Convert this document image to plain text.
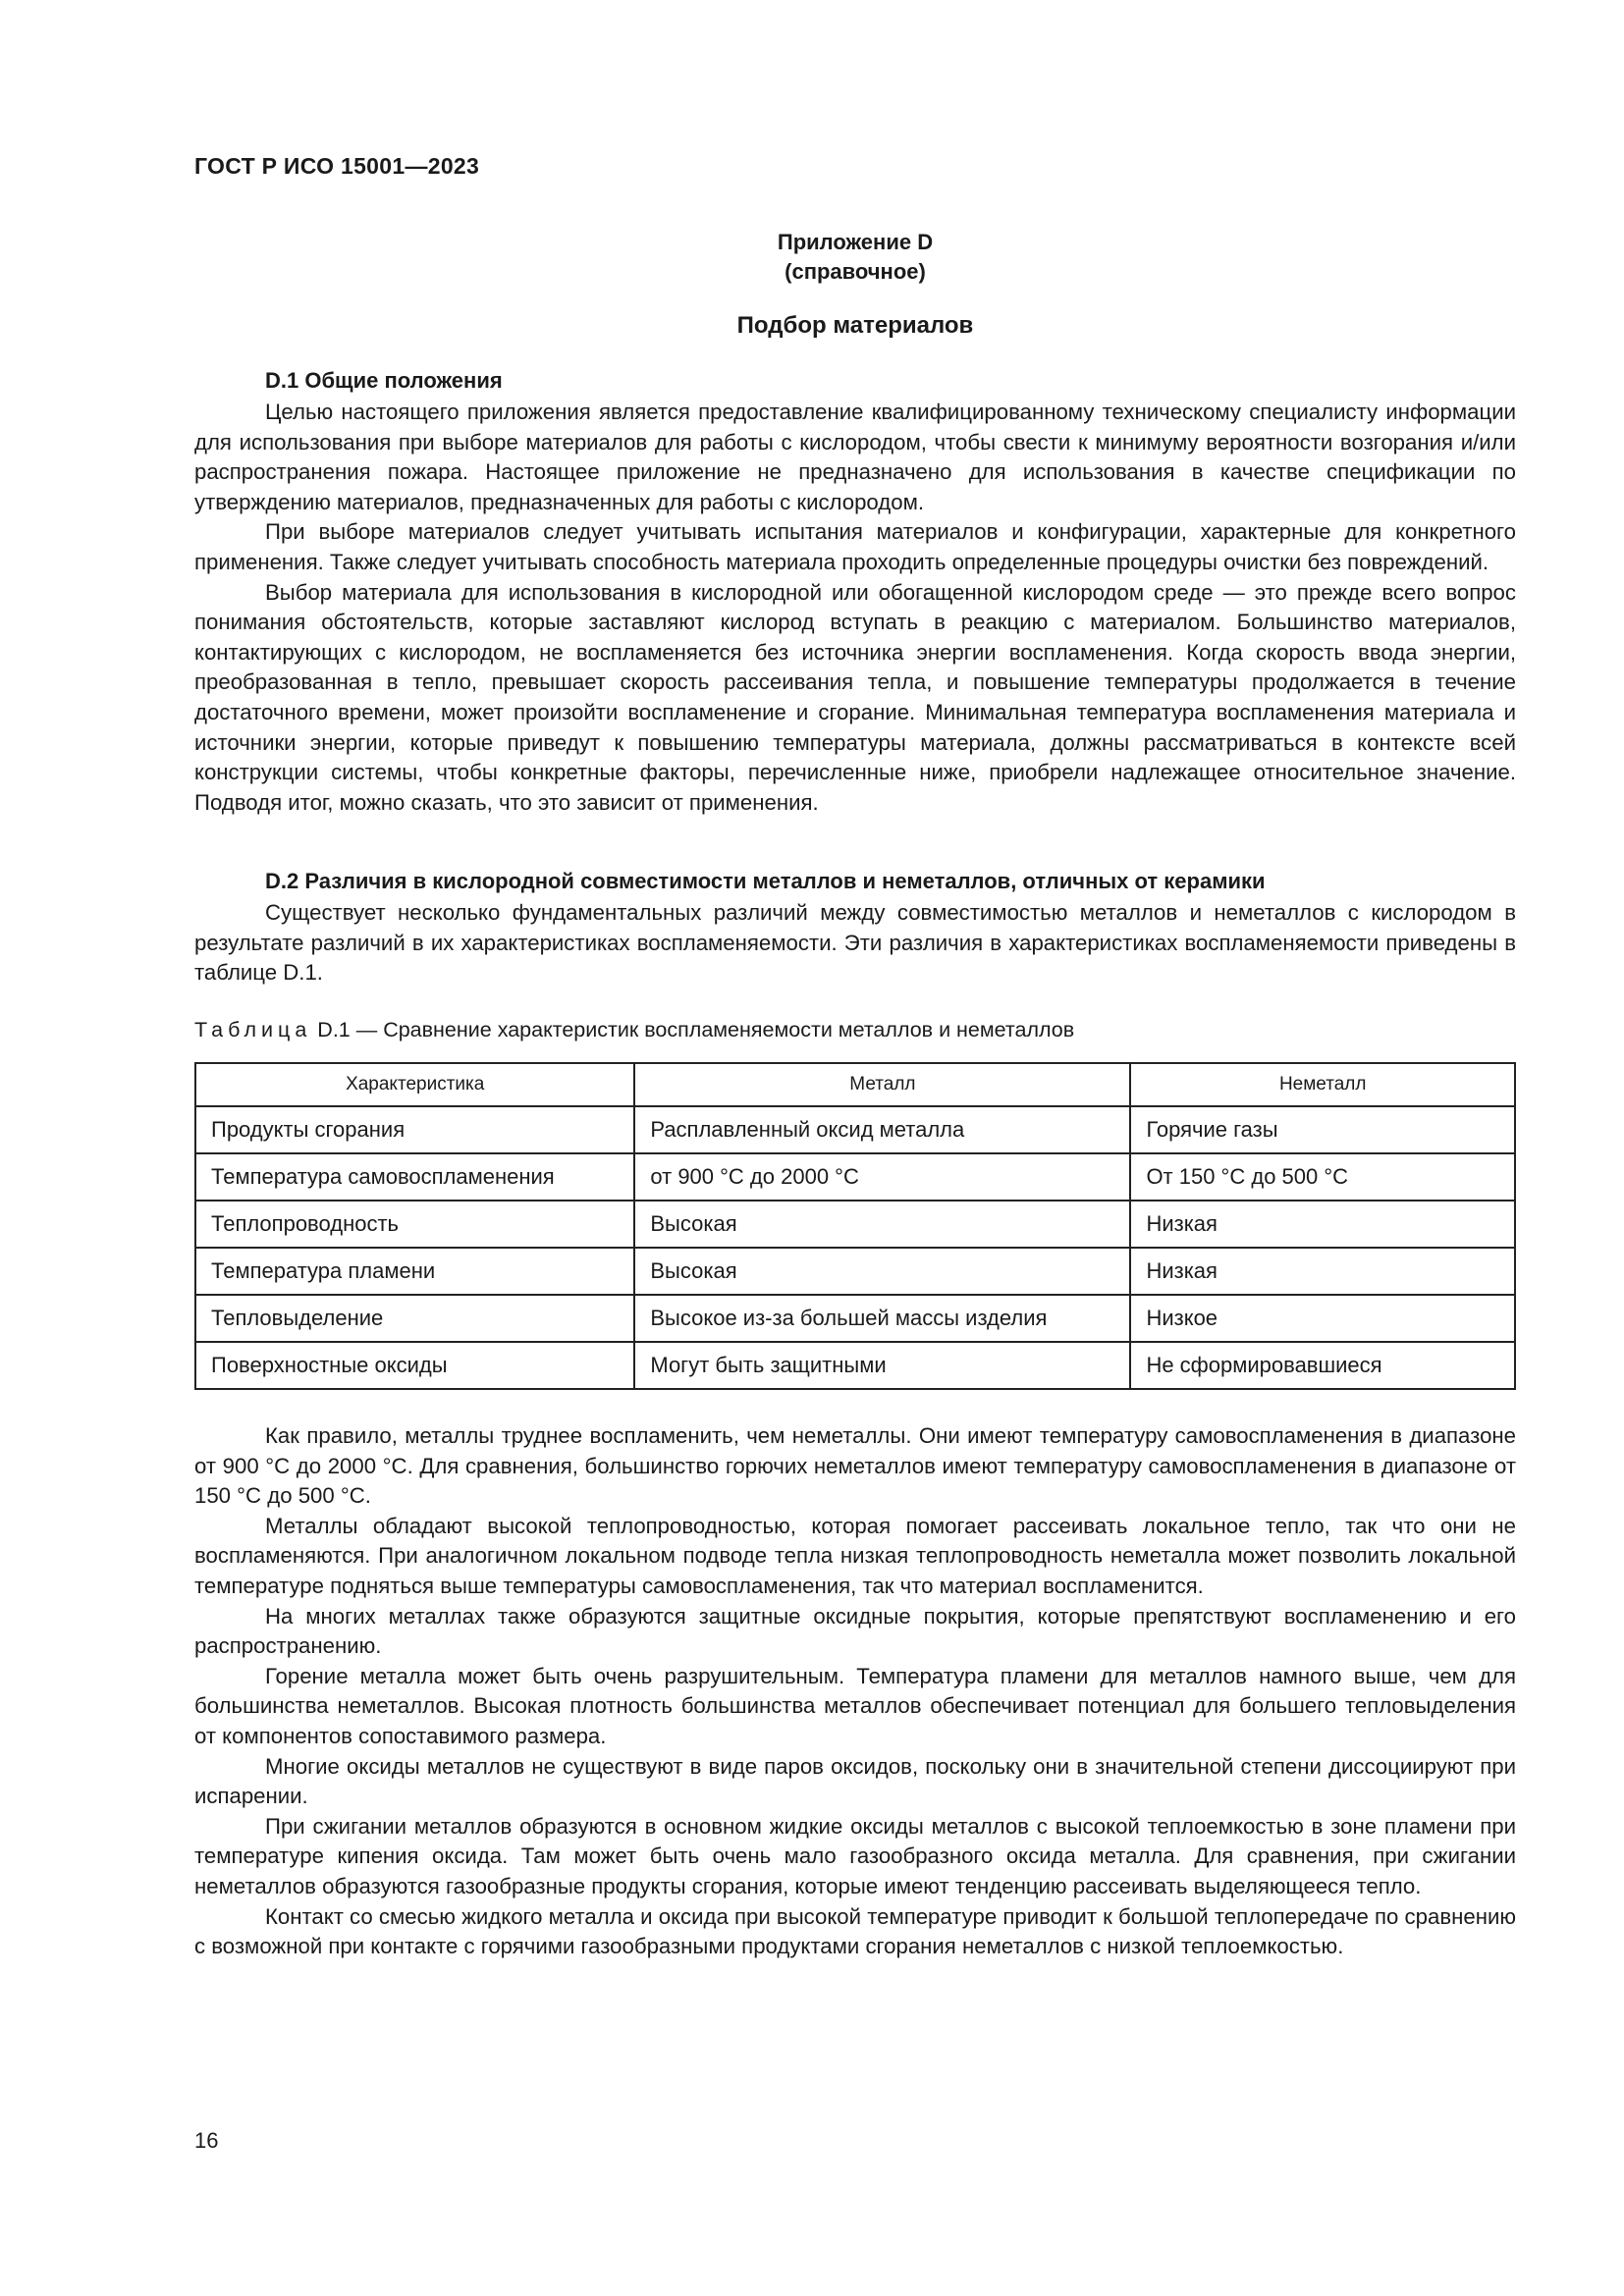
ГОСТ Р ИСО 15001—2023
Приложение D
(справочное)
Подбор материалов
D.1 Общие положения

Целью настоящего приложения является предоставление квалифицированному техническому специалисту информации для использования при выборе материалов для работы с кислородом, чтобы свести к минимуму вероятности возгорания и/или распространения пожара. Настоящее приложение не предназначено для использования в качестве спецификации по утверждению материалов, предназначенных для работы с кислородом.

При выборе материалов следует учитывать испытания материалов и конфигурации, характерные для конкретного применения. Также следует учитывать способность материала проходить определенные процедуры очистки без повреждений.

Выбор материала для использования в кислородной или обогащенной кислородом среде — это прежде всего вопрос понимания обстоятельств, которые заставляют кислород вступать в реакцию с материалом. Большинство материалов, контактирующих с кислородом, не воспламеняется без источника энергии воспламенения. Когда скорость ввода энергии, преобразованная в тепло, превышает скорость рассеивания тепла, и повышение температуры продолжается в течение достаточного времени, может произойти воспламенение и сгорание. Минимальная температура воспламенения материала и источники энергии, которые приведут к повышению температуры материала, должны рассматриваться в контексте всей конструкции системы, чтобы конкретные факторы, перечисленные ниже, приобрели надлежащее относительное значение. Подводя итог, можно сказать, что это зависит от применения.

D.2 Различия в кислородной совместимости металлов и неметаллов, отличных от керамики

Существует несколько фундаментальных различий между совместимостью металлов и неметаллов с кислородом в результате различий в их характеристиках воспламеняемости. Эти различия в характеристиках воспламеняемости приведены в таблице D.1.

Таблица D.1 — Сравнение характеристик воспламеняемости металлов и неметаллов
Характеристика	Металл	Неметалл
Продукты сгорания	Расплавленный оксид металла	Горячие газы
Температура самовоспламенения	от 900 °С до 2000 °С	От 150 °С до 500 °С
Теплопроводность	Высокая	Низкая
Температура пламени	Высокая	Низкая
Тепловыделение	Высокое из-за большей массы изделия	Низкое
Поверхностные оксиды	Могут быть защитными	Не сформировавшиеся

Как правило, металлы труднее воспламенить, чем неметаллы. Они имеют температуру самовоспламенения в диапазоне от 900 °С до 2000 °С. Для сравнения, большинство горючих неметаллов имеют температуру самовоспламенения в диапазоне от 150 °С до 500 °С.

Металлы обладают высокой теплопроводностью, которая помогает рассеивать локальное тепло, так что они не воспламеняются. При аналогичном локальном подводе тепла низкая теплопроводность неметалла может позволить локальной температуре подняться выше температуры самовоспламенения, так что материал воспламенится.

На многих металлах также образуются защитные оксидные покрытия, которые препятствуют воспламенению и его распространению.

Горение металла может быть очень разрушительным. Температура пламени для металлов намного выше, чем для большинства неметаллов. Высокая плотность большинства металлов обеспечивает потенциал для большего тепловыделения от компонентов сопоставимого размера.

Многие оксиды металлов не существуют в виде паров оксидов, поскольку они в значительной степени диссоциируют при испарении.

При сжигании металлов образуются в основном жидкие оксиды металлов с высокой теплоемкостью в зоне пламени при температуре кипения оксида. Там может быть очень мало газообразного оксида металла. Для сравнения, при сжигании неметаллов образуются газообразные продукты сгорания, которые имеют тенденцию рассеивать выделяющееся тепло.

Контакт со смесью жидкого металла и оксида при высокой температуре приводит к большой теплопередаче по сравнению с возможной при контакте с горячими газообразными продуктами сгорания неметаллов с низкой теплоемкостью.

16
